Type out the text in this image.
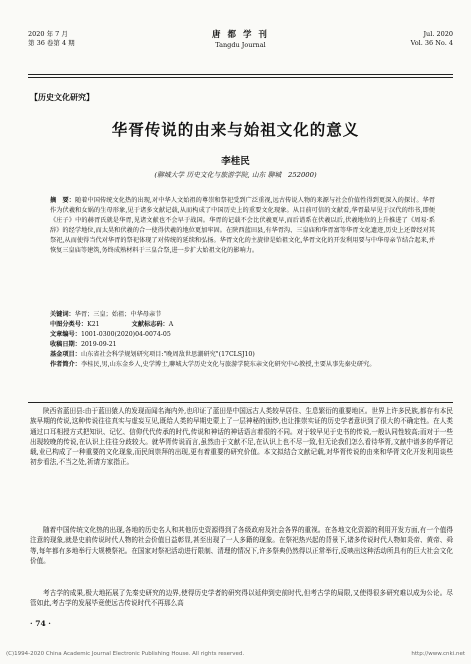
2020 年 7 月
第 36 卷第 4 期
唐 都 学 刊
Tangdu Journal
Jul. 2020
Vol. 36 No. 4
【历史文化研究】
华胥传说的由来与始祖文化的意义
李桂民
(聊城大学 历史文化与旅游学院, 山东 聊城　252000)
摘　要：随着中国传统文化热的出现,对中华人文始祖的尊崇和祭祀受到广泛重视,远古传说人物的来源与社会价值性得到更深入的探讨。华胥作为伏羲和女娲的生母形象,见于诸多文献记载,从而构成了中国历史上的重要文化现象。从目前可信的文献看,华胥最早见于汉代的纬书,即便《庄子》中的赫胥氏就是华胥,见诸文献也不会早于战国。华胥的记载不会比伏羲更早,而后谱系在伏羲以后,伏羲地位的上升推进了《周易·系辞》的经学地位,而太昊和伏羲的合一使得伏羲的地位更加牢固。在陕西蓝田县,有华胥沟、三皇庙和华胥富等华胥文化遗迹,历史上还曾经对其祭祀,从而使得当代对华胥的祭祀体现了对传统的延续和弘扬。华胥文化的主旋律是始祖文化,华胥文化的开发利用要与中华母亲节结合起来,并恢复三皇庙等建筑,务终成熟材料于三皇合祭,进一步扩大始祖文化的影响力。
关键词：华胥；三皇；始祖；中华母亲节
中图分类号：K21	文献标志码：A
文章编号：1001-0300(2020)04-0074-05
收稿日期：2019-09-21
基金项目：山东省社会科学规划研究项目:"晚周敌世思潮研究"(17CLSJ10)
作者简介：李桂民,男,山东金乡人,史学博士,聊城大学历史文化与旅游学院东亲文化研究中心教授,主要从事先秦史研究。

陕西省蓝田县:由于蓝田猿人的发现而闻名海内外,也印证了蓝田是中国远古人类较早居住、生息繁衍的重要地区。世界上许多民族,都存有本民族早期的传说,这种传说往往真实与虚妄互见,既给人类的早期史蒙上了一层神秘的面纱,也让推崇实证的历史学者意识到了很大的不确定性。在人类通过口耳相授方式把知识、记忆、信仰代代传承的时代,传说和神话的神话语言着很的不同。对于较早见于史书的传说,一般认同性较高;而对于一些出现较晚的传说,在认识上往往分歧较大。就华胥传说而言,虽然由于文献不足,在认识上也不尽一致,但无论我们怎么看待华胥,文献中谱多的华胥记载,业已构成了一种重要的文化现象,而民间崇拜的出现,更有着重要的研究价值。本文拟结合文献记载,对华胥传说的由来和华胥文化开发利用谈些初步看法,不当之处,祈请方家指正。

随着中国传统文化热的出现,各地的历史名人和其他历史资源得到了各级政府及社会各界的重视。在各地文化资源的利用开发方面,有一个值得注意的现象,就是史前传说时代人物的社会价值日益彰显,甚至出现了一人多籍的现象。在祭祀热兴起的背景下,诸多传说时代人物如炎帝、黄帝、舜等,每年都有多地举行大规模祭祀。在国家对祭祀活动进行限制、清理的情况下,许多祭典仍然得以正常举行,反映出这种活动所具有的巨大社会文化价值。

考古学的成果,极大地拓展了先秦史研究的边界,使得历史学者的研究得以延伸到史前时代,但考古学的局限,又使得很多研究难以成为公论。尽管如此,考古学的发展毕竟使远古传说时代不再那么高

· 74 ·
(C)1994-2020 China Academic Journal Electronic Publishing House. All rights reserved.	http://www.cnki.net
